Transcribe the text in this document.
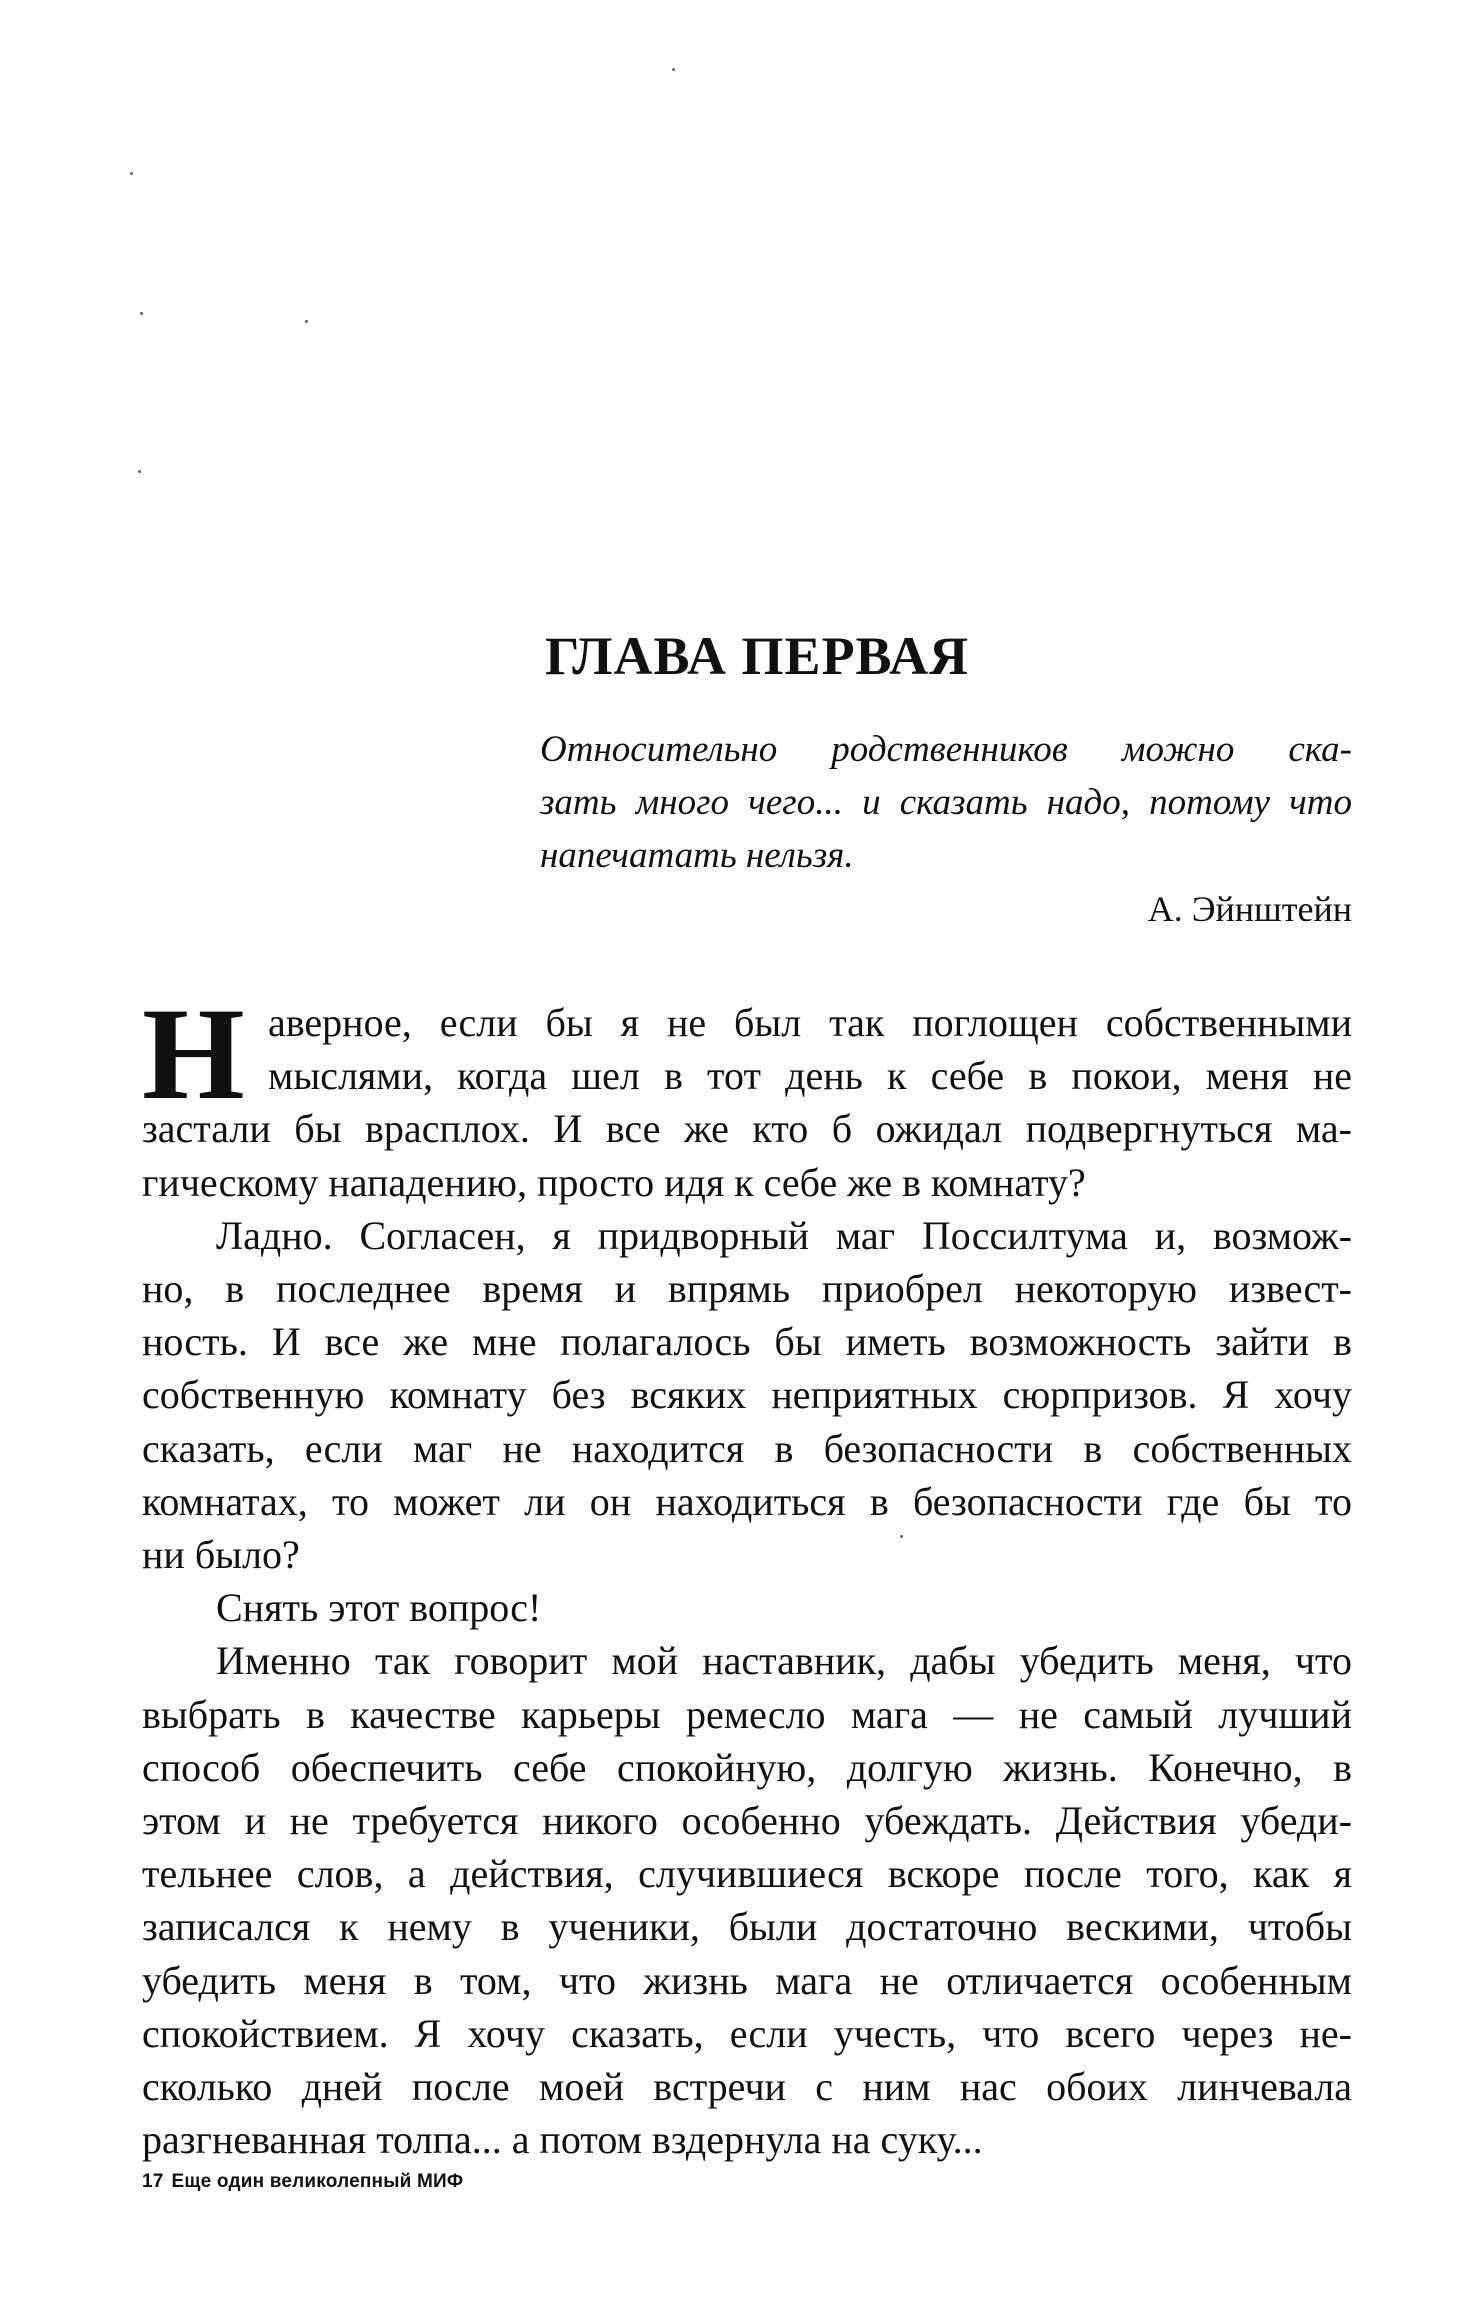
ГЛАВА ПЕРВАЯ
Относительно родственников можно ска-
зать много чего... и сказать надо, потому что
напечатать нельзя.
А. Эйнштейн
Н аверное, если бы я не был так поглощен собственными
мыслями, когда шел в тот день к себе в покои, меня не
застали бы врасплох. И все же кто б ожидал подвергнуться ма-
гическому нападению, просто идя к себе же в комнату?
Ладно. Согласен, я придворный маг Поссилтума и, возмож-
но, в последнее время и впрямь приобрел некоторую извест-
ность. И все же мне полагалось бы иметь возможность зайти в
собственную комнату без всяких неприятных сюрпризов. Я хочу
сказать, если маг не находится в безопасности в собственных
комнатах, то может ли он находиться в безопасности где бы то
ни было?
Снять этот вопрос!
Именно так говорит мой наставник, дабы убедить меня, что
выбрать в качестве карьеры ремесло мага — не самый лучший
способ обеспечить себе спокойную, долгую жизнь. Конечно, в
этом и не требуется никого особенно убеждать. Действия убеди-
тельнее слов, а действия, случившиеся вскоре после того, как я
записался к нему в ученики, были достаточно вескими, чтобы
убедить меня в том, что жизнь мага не отличается особенным
спокойствием. Я хочу сказать, если учесть, что всего через не-
сколько дней после моей встречи с ним нас обоих линчевала
разгневанная толпа... а потом вздернула на суку...
17 Еще один великолепный МИФ
